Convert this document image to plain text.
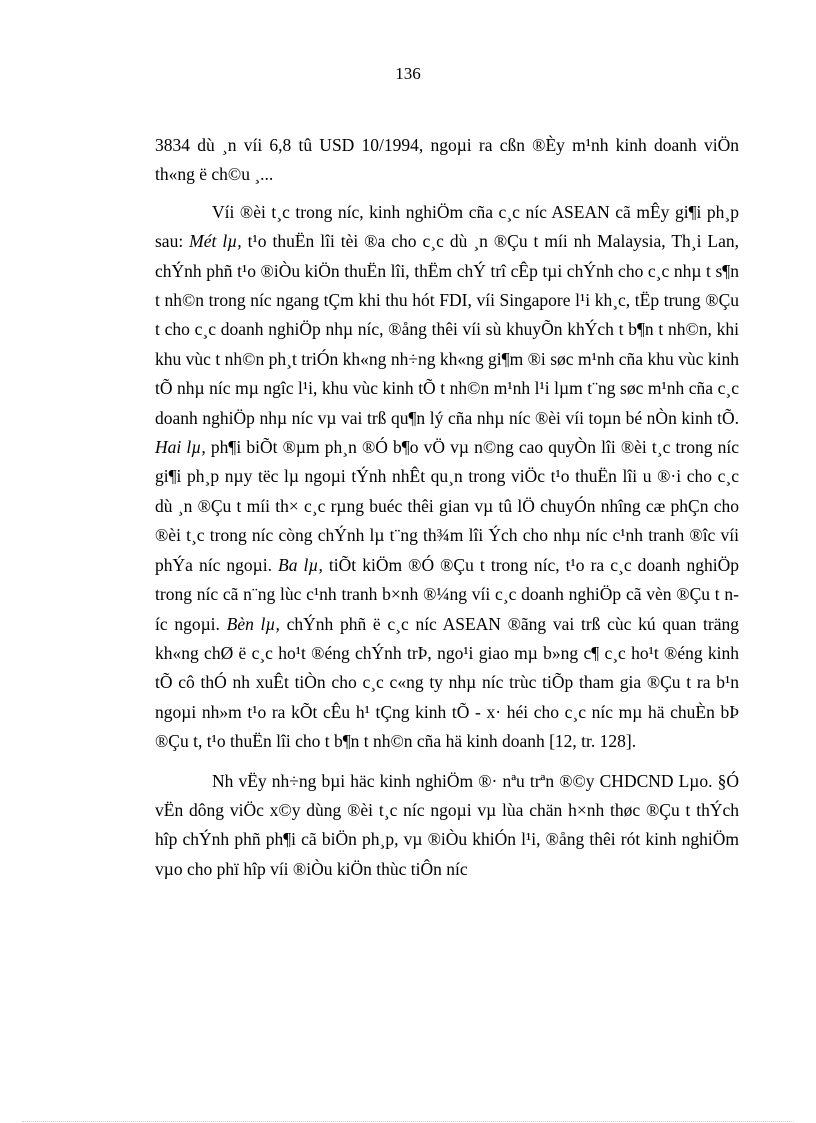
136

3834 dù ¸n víi 6,8 tû USD 10/1994, ngoµi ra cßn ®Èy m¹nh kinh doanh viÖn th«ng ë ch©u ¸...

Víi ®èi t¸c trong níc, kinh nghiÖm cña c¸c níc ASEAN cã mÊy gi¶i ph¸p sau: Mét lµ, t¹o thuËn lîi tèi ®a cho c¸c dù ¸n ®Çu t míi nh Malaysia, Th¸i Lan, chÝnh phñ t¹o ®iÒu kiÖn thuËn lîi, thËm chÝ trî cÊp tµi chÝnh cho c¸c nhµ t s¶n t nh©n trong níc ngang tÇm khi thu hót FDI, víi Singapore l¹i kh¸c, tËp trung ®Çu t cho c¸c doanh nghiÖp nhµ níc, ®ång thêi víi sù khuyÕn khÝch t b¶n t nh©n, khi khu vùc t nh©n ph¸t triÓn kh«ng nh÷ng kh«ng gi¶m ®i søc m¹nh cña khu vùc kinh tÕ nhµ níc mµ ngîc l¹i, khu vùc kinh tÕ t nh©n m¹nh l¹i lµm t¨ng søc m¹nh cña c¸c doanh nghiÖp nhµ níc vµ vai trß qu¶n lý cña nhµ níc ®èi víi toµn bé nÒn kinh tÕ. Hai lµ, ph¶i biÕt ®µm ph¸n ®Ó b¶o vÖ vµ n©ng cao quyÒn lîi ®èi t¸c trong níc gi¶i ph¸p nµy tëc lµ ngoµi tÝnh nhÊt qu¸n trong viÖc t¹o thuËn lîi u ®·i cho c¸c dù ¸n ®Çu t míi th× c¸c rµng buéc thêi gian vµ tû lÖ chuyÓn nhîng cæ phÇn cho ®èi t¸c trong níc còng chÝnh lµ t¨ng th¾m lîi Ých cho nhµ níc c¹nh tranh ®îc víi phÝa níc ngoµi. Ba lµ, tiÕt kiÖm ®Ó ®Çu t trong níc, t¹o ra c¸c doanh nghiÖp trong níc cã n¨ng lùc c¹nh tranh b×nh ®¼ng víi c¸c doanh nghiÖp cã vèn ®Çu t níc ngoµi. Bèn lµ, chÝnh phñ ë c¸c níc ASEAN ®ãng vai trß cùc kú quan träng kh«ng chØ ë c¸c ho¹t ®éng chÝnh trÞ, ngo¹i giao mµ b»ng c¶ c¸c ho¹t ®éng kinh tÕ cô thÓ nh xuÊt tiÒn cho c¸c c«ng ty nhµ níc trùc tiÕp tham gia ®Çu t ra b¹n ngoµi nh»m t¹o ra kÕt cÊu h¹ tÇng kinh tÕ - x· héi cho c¸c níc mµ hä chuÈn bÞ ®Çu t, t¹o thuËn lîi cho t b¶n t nh©n cña hä kinh doanh [12, tr. 128].

Nh vËy nh÷ng bµi häc kinh nghiÖm ®· nªu trªn ®©y CHDCND Lµo. §Ó vËn dông viÖc x©y dùng ®èi t¸c níc ngoµi vµ lùa chän h×nh thøc ®Çu t thÝch hîp chÝnh phñ ph¶i cã biÖn ph¸p, vµ ®iÒu khiÓn l¹i, ®ång thêi rót kinh nghiÖm vµo cho phï hîp víi ®iÒu kiÖn thùc tiÔn níc
